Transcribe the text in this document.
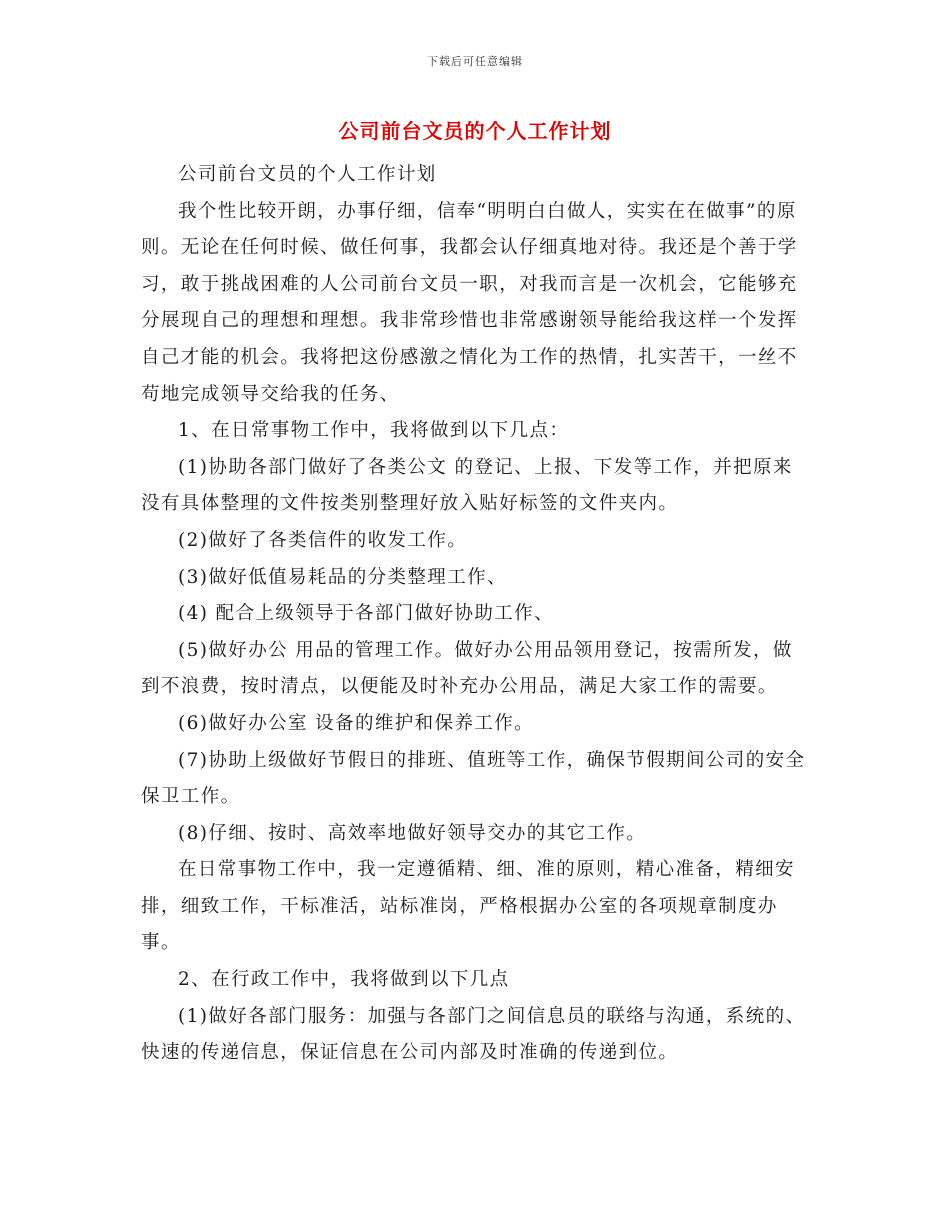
下载后可任意编辑
公司前台文员的个人工作计划

公司前台文员的个人工作计划

我个性比较开朗，办事仔细，信奉“明明白白做人，实实在在做事”的原则。无论在任何时候、做任何事，我都会认仔细真地对待。我还是个善于学习，敢于挑战困难的人公司前台文员一职，对我而言是一次机会，它能够充分展现自己的理想和理想。我非常珍惜也非常感谢领导能给我这样一个发挥自己才能的机会。我将把这份感激之情化为工作的热情，扎实苦干，一丝不苟地完成领导交给我的任务、

1、在日常事物工作中，我将做到以下几点：

(1)协助各部门做好了各类公文 的登记、上报、下发等工作，并把原来没有具体整理的文件按类别整理好放入贴好标签的文件夹内。

(2)做好了各类信件的收发工作。

(3)做好低值易耗品的分类整理工作、

(4) 配合上级领导于各部门做好协助工作、

(5)做好办公 用品的管理工作。做好办公用品领用登记，按需所发，做到不浪费，按时清点，以便能及时补充办公用品，满足大家工作的需要。

(6)做好办公室 设备的维护和保养工作。

(7)协助上级做好节假日的排班、值班等工作，确保节假期间公司的安全保卫工作。

(8)仔细、按时、高效率地做好领导交办的其它工作。

在日常事物工作中，我一定遵循精、细、准的原则，精心准备，精细安排，细致工作，干标准活，站标准岗，严格根据办公室的各项规章制度办事。

2、在行政工作中，我将做到以下几点

(1)做好各部门服务：加强与各部门之间信息员的联络与沟通，系统的、快速的传递信息，保证信息在公司内部及时准确的传递到位。
